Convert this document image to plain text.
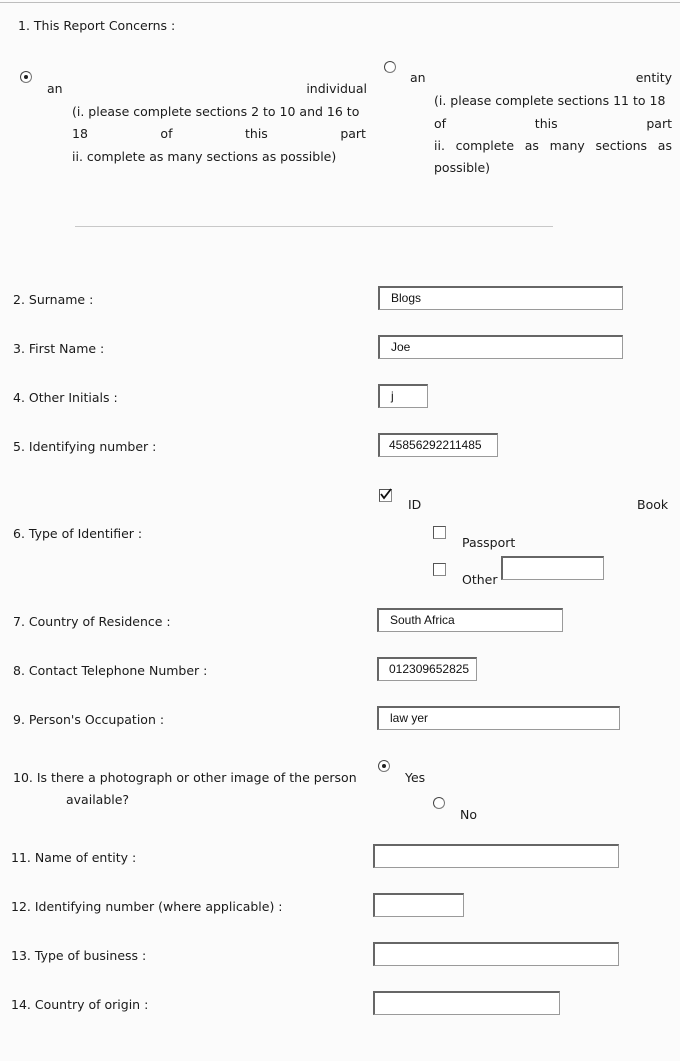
1. This Report Concerns :
an	individual
(i. please complete sections 2 to 10 and 16 to
18	of	this	part
ii. complete as many sections as possible)
an	entity
(i. please complete sections 11 to 18
of	this	part
ii. complete as many sections as
possible)
2. Surname :	Blogs
3. First Name :	Joe
4. Other Initials :	j
5. Identifying number :	45856292211485
6. Type of Identifier :
ID	Book
Passport
Other
7. Country of Residence :	South Africa
8. Contact Telephone Number :	012309652825
9. Person's Occupation :	law yer
10. Is there a photograph or other image of the person
available?
Yes
No
11. Name of entity :
12. Identifying number (where applicable) :
13. Type of business :
14. Country of origin :
